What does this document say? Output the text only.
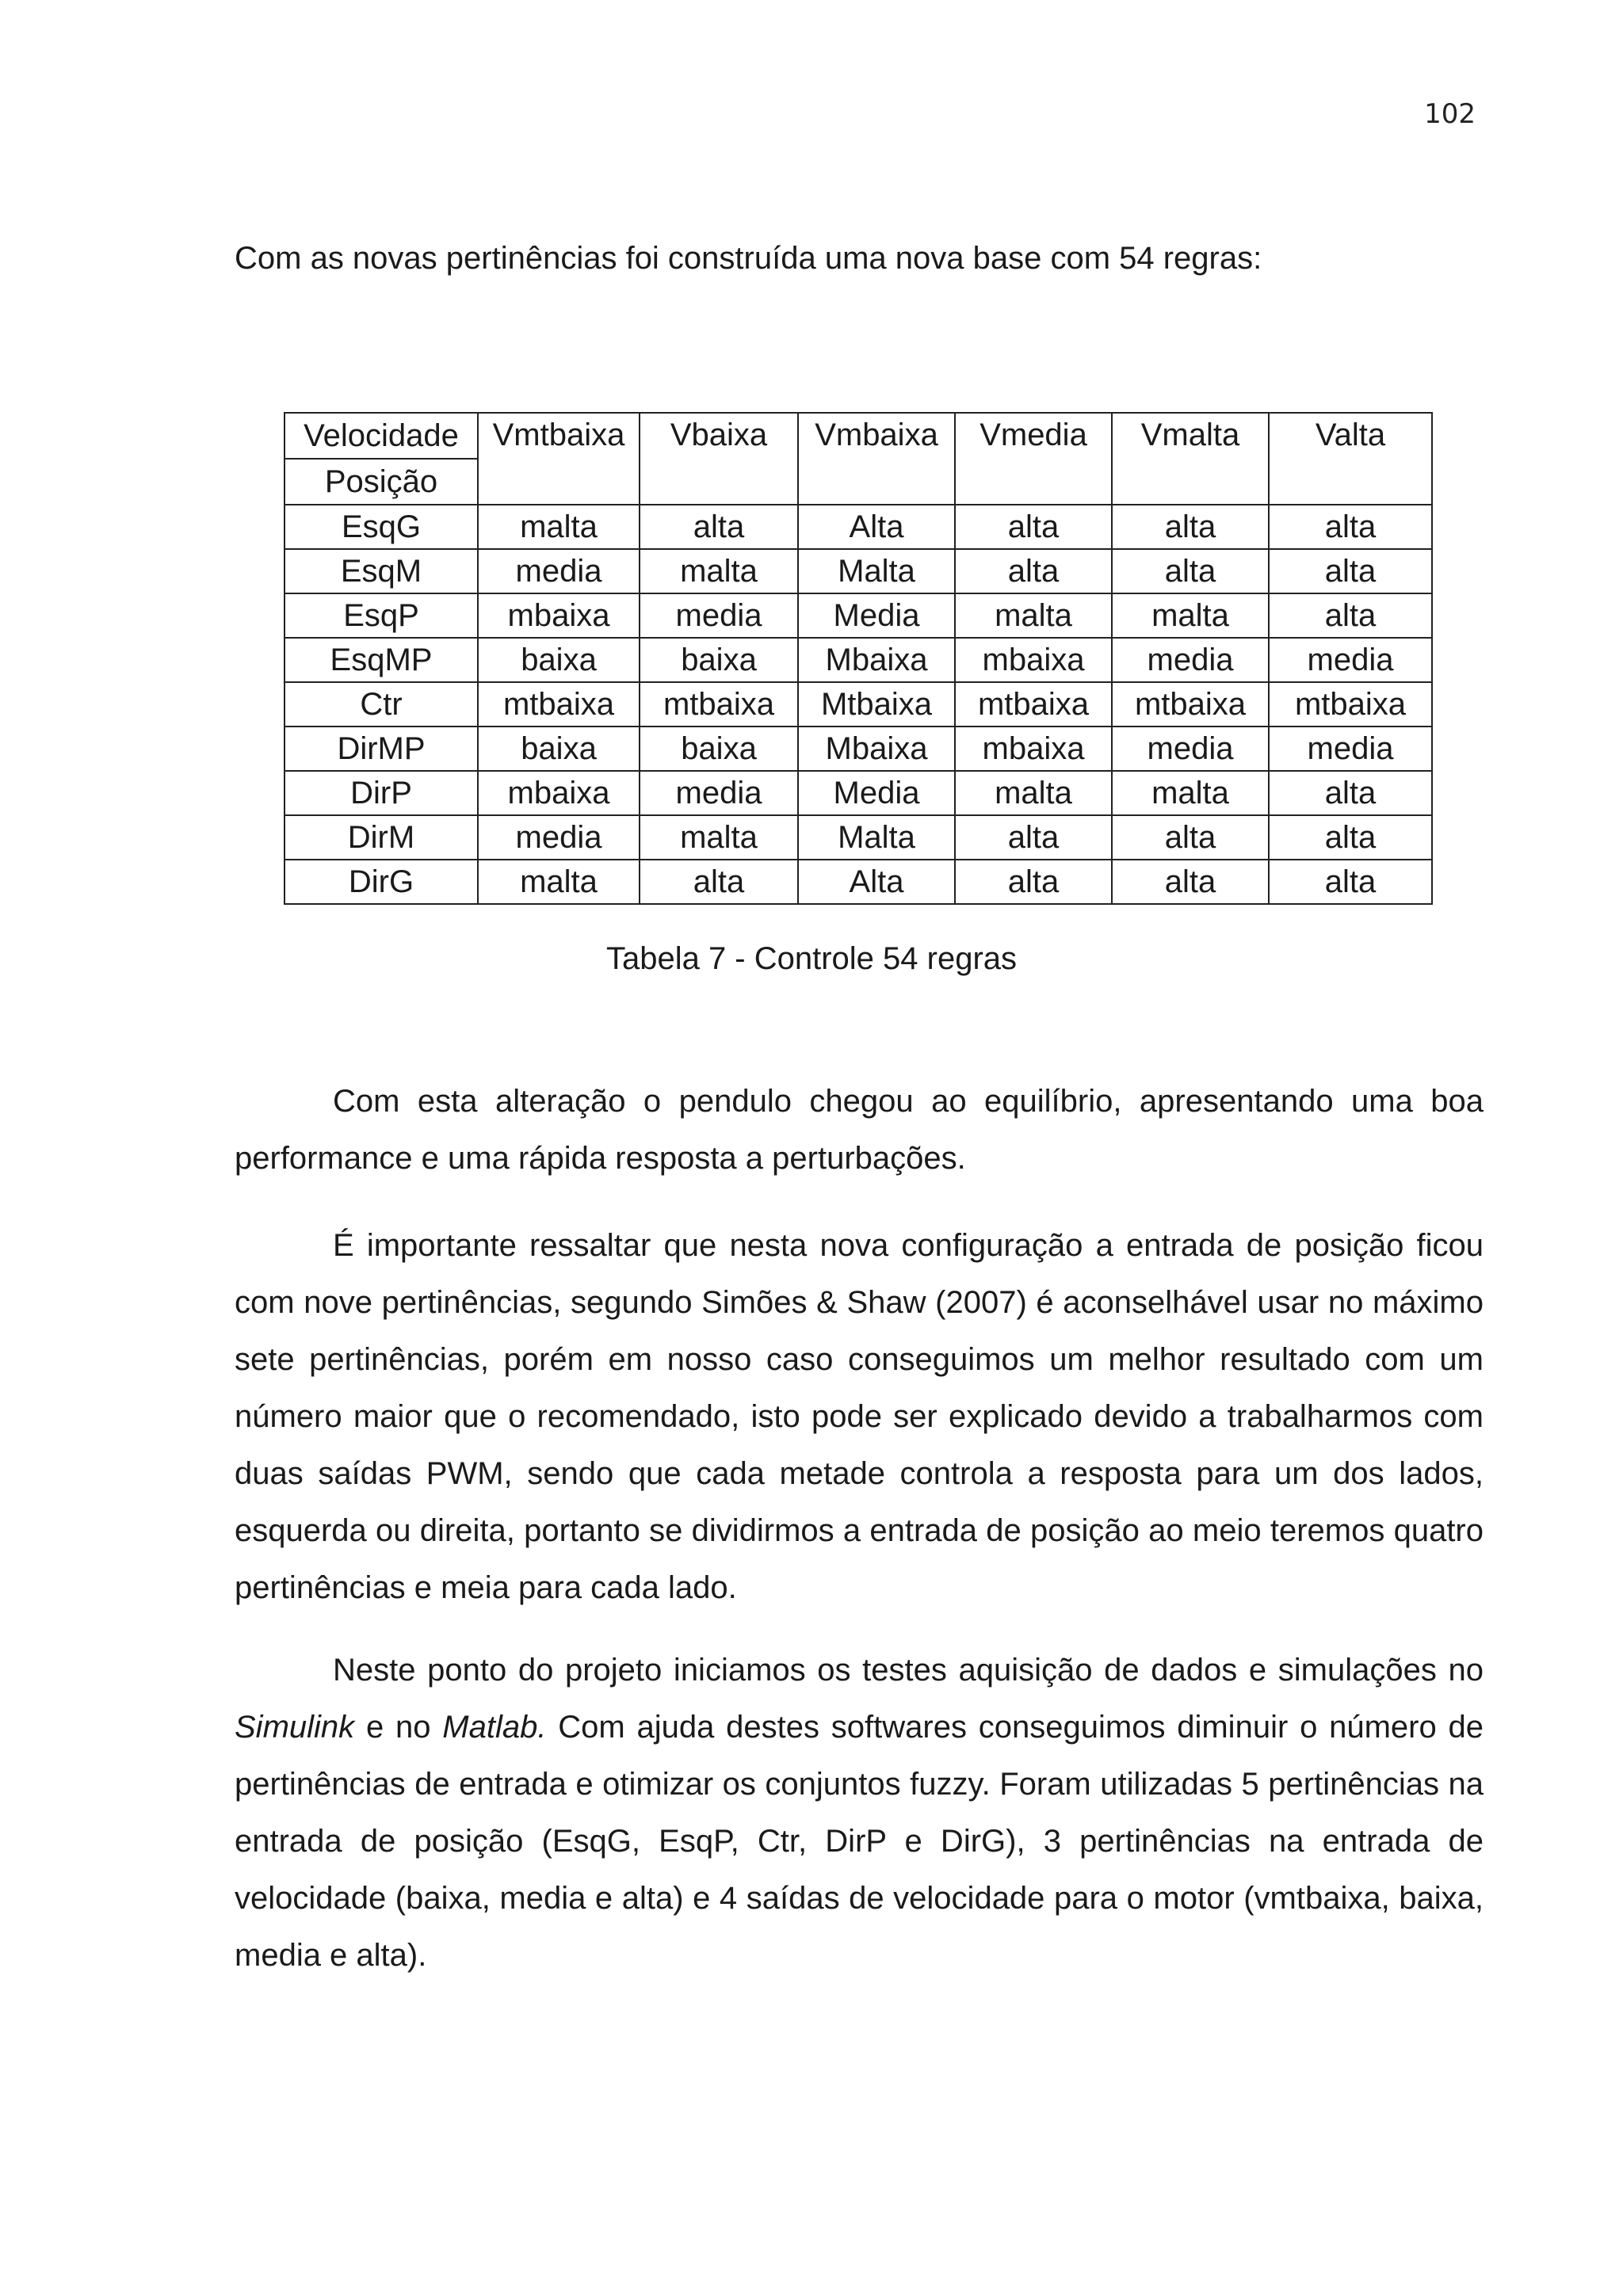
102

Com as novas pertinências foi construída uma nova base com 54 regras:

Velocidade
Posição	Vmtbaixa	Vbaixa	Vmbaixa	Vmedia	Vmalta	Valta
EsqG	malta	alta	Alta	alta	alta	alta
EsqM	media	malta	Malta	alta	alta	alta
EsqP	mbaixa	media	Media	malta	malta	alta
EsqMP	baixa	baixa	Mbaixa	mbaixa	media	media
Ctr	mtbaixa	mtbaixa	Mtbaixa	mtbaixa	mtbaixa	mtbaixa
DirMP	baixa	baixa	Mbaixa	mbaixa	media	media
DirP	mbaixa	media	Media	malta	malta	alta
DirM	media	malta	Malta	alta	alta	alta
DirG	malta	alta	Alta	alta	alta	alta

Tabela 7 - Controle 54 regras

Com esta alteração o pendulo chegou ao equilíbrio, apresentando uma boa performance e uma rápida resposta a perturbações.

É importante ressaltar que nesta nova configuração a entrada de posição ficou com nove pertinências, segundo Simões & Shaw (2007) é aconselhável usar no máximo sete pertinências, porém em nosso caso conseguimos um melhor resultado com um número maior que o recomendado, isto pode ser explicado devido a trabalharmos com duas saídas PWM, sendo que cada metade controla a resposta para um dos lados, esquerda ou direita, portanto se dividirmos a entrada de posição ao meio teremos quatro pertinências e meia para cada lado.

Neste ponto do projeto iniciamos os testes aquisição de dados e simulações no Simulink e no Matlab. Com ajuda destes softwares conseguimos diminuir o número de pertinências de entrada e otimizar os conjuntos fuzzy. Foram utilizadas 5 pertinências na entrada de posição (EsqG, EsqP, Ctr, DirP e DirG), 3 pertinências na entrada de velocidade (baixa, media e alta) e 4 saídas de velocidade para o motor (vmtbaixa, baixa, media e alta).
